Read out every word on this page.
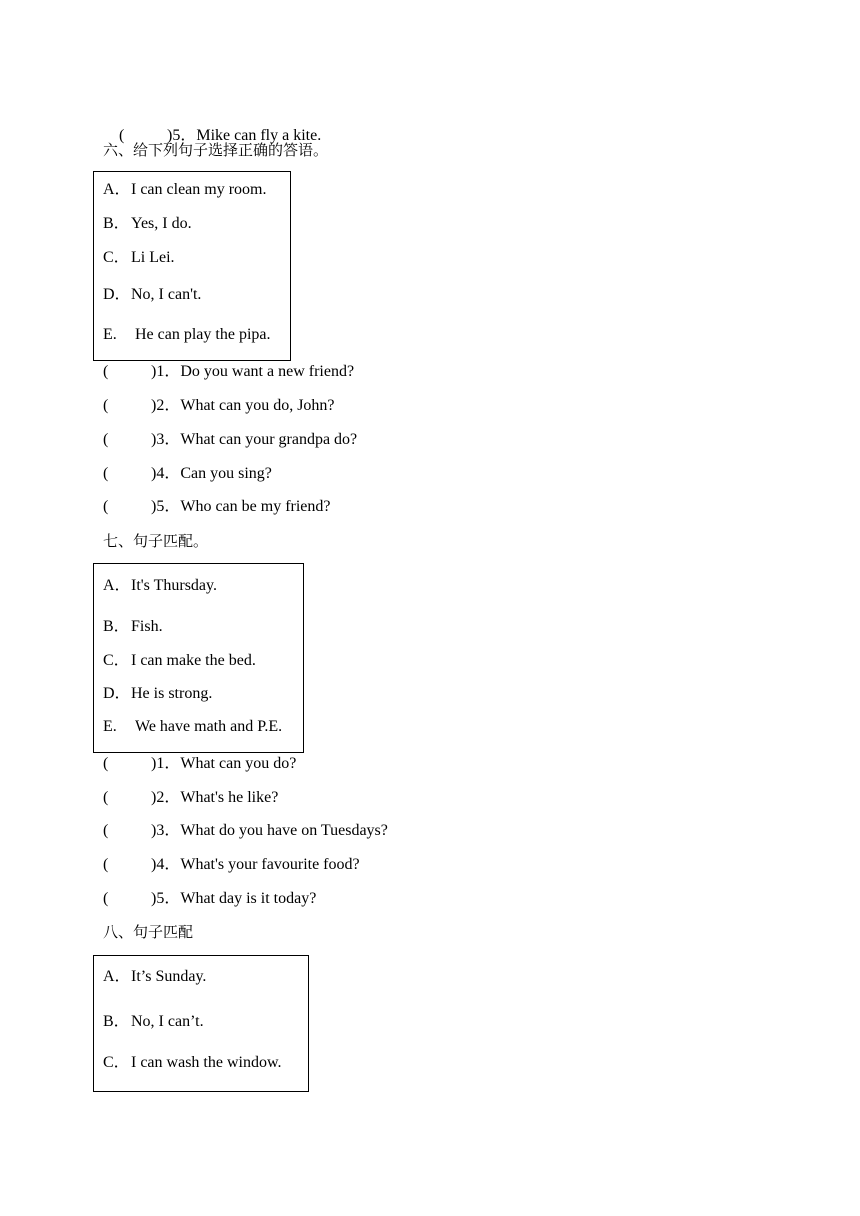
(	)5．Mike can fly a kite.

六、给下列句子选择正确的答语。
A．I can clean my room.
B．Yes, I do.
C．Li Lei.
D．No, I can't.
E. He can play the pipa.
(	)1．Do you want a new friend?
(	)2．What can you do, John?
(	)3．What can your grandpa do?
(	)4．Can you sing?
(	)5．Who can be my friend?
七、句子匹配。
A．It's Thursday.
B．Fish.
C．I can make the bed.
D．He is strong.
E. We have math and P.E.
(	)1．What can you do?
(	)2．What's he like?
(	)3．What do you have on Tuesdays?
(	)4．What's your favourite food?
(	)5．What day is it today?
八、句子匹配
A．It’s Sunday.
B．No, I can’t.
C．I can wash the window.
